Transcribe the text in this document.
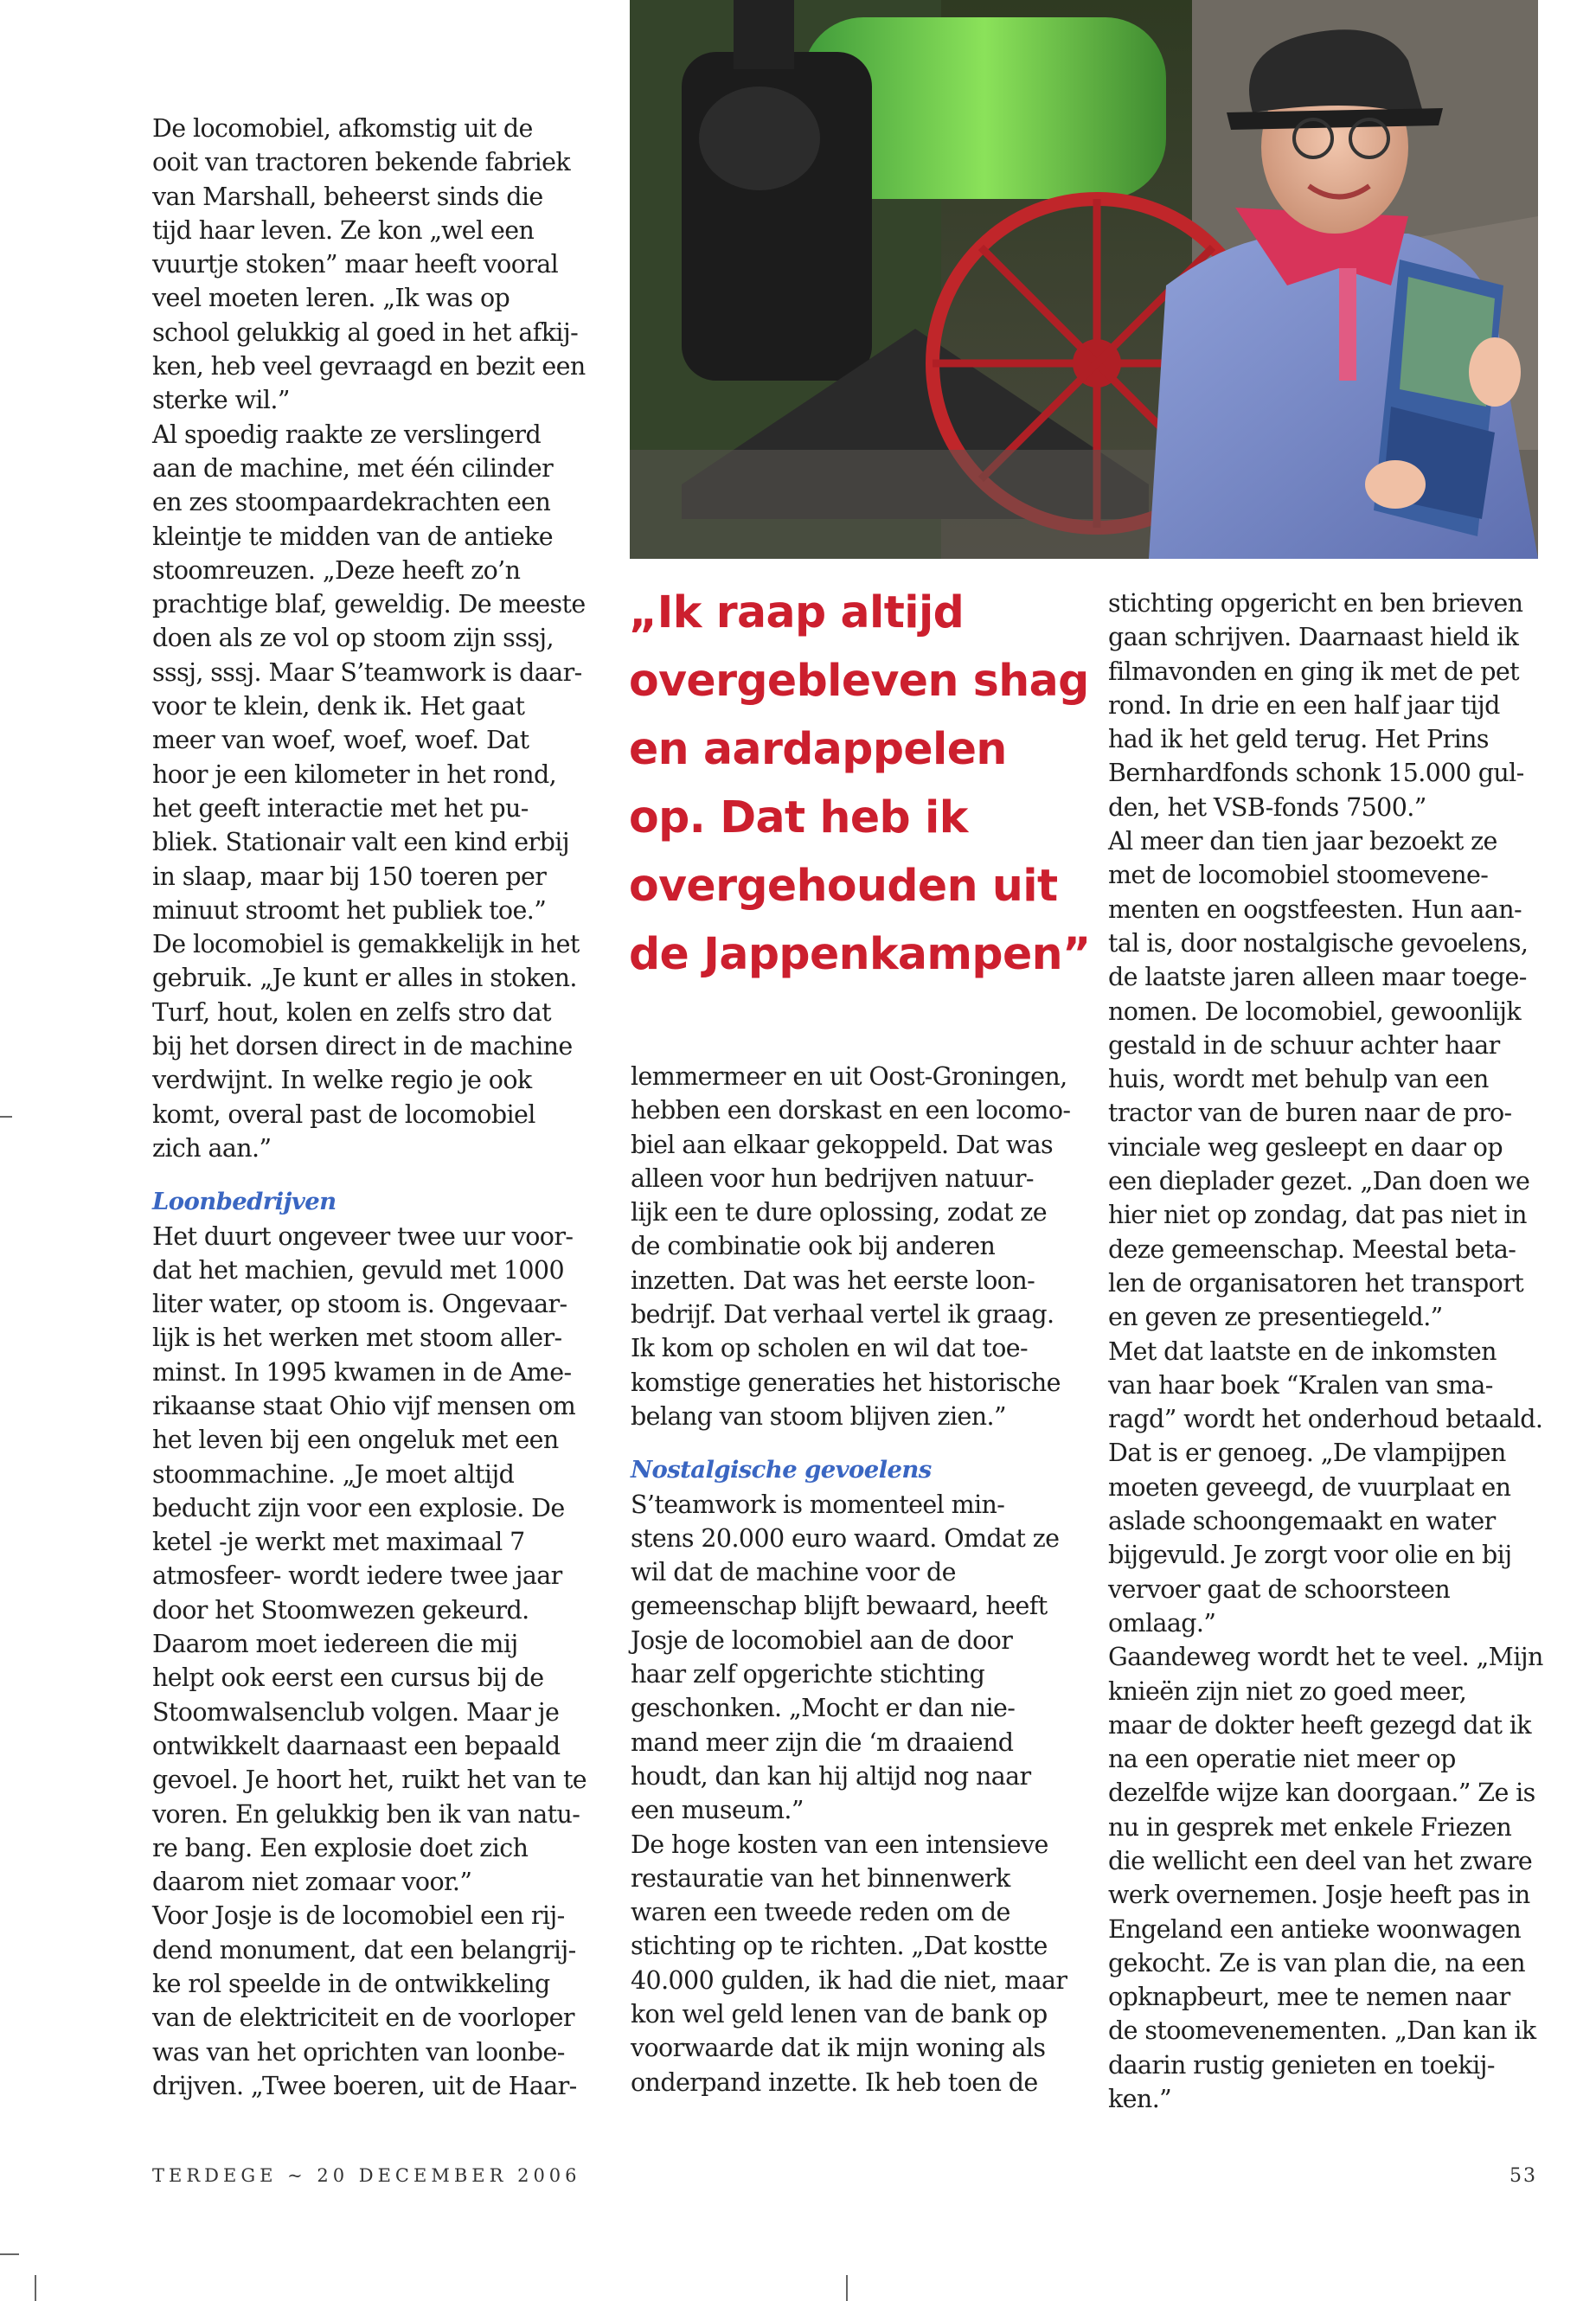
De locomobiel, afkomstig uit de
ooit van tractoren bekende fabriek
van Marshall, beheerst sinds die
tijd haar leven. Ze kon „wel een
vuurtje stoken” maar heeft vooral
veel moeten leren. „Ik was op
school gelukkig al goed in het afkij-
ken, heb veel gevraagd en bezit een
sterke wil.”
Al spoedig raakte ze verslingerd
aan de machine, met één cilinder
en zes stoompaardekrachten een
kleintje te midden van de antieke
stoomreuzen. „Deze heeft zo’n
prachtige blaf, geweldig. De meeste
doen als ze vol op stoom zijn sssj,
sssj, sssj. Maar S’teamwork is daar-
voor te klein, denk ik. Het gaat
meer van woef, woef, woef. Dat
hoor je een kilometer in het rond,
het geeft interactie met het pu-
bliek. Stationair valt een kind erbij
in slaap, maar bij 150 toeren per
minuut stroomt het publiek toe.”
De locomobiel is gemakkelijk in het
gebruik. „Je kunt er alles in stoken.
Turf, hout, kolen en zelfs stro dat
bij het dorsen direct in de machine
verdwijnt. In welke regio je ook
komt, overal past de locomobiel
zich aan.”

Loonbedrijven
Het duurt ongeveer twee uur voor-
dat het machien, gevuld met 1000
liter water, op stoom is. Ongevaar-
lijk is het werken met stoom aller-
minst. In 1995 kwamen in de Ame-
rikaanse staat Ohio vijf mensen om
het leven bij een ongeluk met een
stoommachine. „Je moet altijd
beducht zijn voor een explosie. De
ketel -je werkt met maximaal 7
atmosfeer- wordt iedere twee jaar
door het Stoomwezen gekeurd.
Daarom moet iedereen die mij
helpt ook eerst een cursus bij de
Stoomwalsenclub volgen. Maar je
ontwikkelt daarnaast een bepaald
gevoel. Je hoort het, ruikt het van te
voren. En gelukkig ben ik van natu-
re bang. Een explosie doet zich
daarom niet zomaar voor.”
Voor Josje is de locomobiel een rij-
dend monument, dat een belangrij-
ke rol speelde in de ontwikkeling
van de elektriciteit en de voorloper
was van het oprichten van loonbe-
drijven. „Twee boeren, uit de Haar-
„Ik raap altijd
overgebleven shag
en aardappelen
op. Dat heb ik
overgehouden uit
de Jappenkampen”
lemmermeer en uit Oost-Groningen,
hebben een dorskast en een locomo-
biel aan elkaar gekoppeld. Dat was
alleen voor hun bedrijven natuur-
lijk een te dure oplossing, zodat ze
de combinatie ook bij anderen
inzetten. Dat was het eerste loon-
bedrijf. Dat verhaal vertel ik graag.
Ik kom op scholen en wil dat toe-
komstige generaties het historische
belang van stoom blijven zien.”

Nostalgische gevoelens
S’teamwork is momenteel min-
stens 20.000 euro waard. Omdat ze
wil dat de machine voor de
gemeenschap blijft bewaard, heeft
Josje de locomobiel aan de door
haar zelf opgerichte stichting
geschonken. „Mocht er dan nie-
mand meer zijn die ‘m draaiend
houdt, dan kan hij altijd nog naar
een museum.”
De hoge kosten van een intensieve
restauratie van het binnenwerk
waren een tweede reden om de
stichting op te richten. „Dat kostte
40.000 gulden, ik had die niet, maar
kon wel geld lenen van de bank op
voorwaarde dat ik mijn woning als
onderpand inzette. Ik heb toen de
stichting opgericht en ben brieven
gaan schrijven. Daarnaast hield ik
filmavonden en ging ik met de pet
rond. In drie en een half jaar tijd
had ik het geld terug. Het Prins
Bernhardfonds schonk 15.000 gul-
den, het VSB-fonds 7500.”
Al meer dan tien jaar bezoekt ze
met de locomobiel stoomevene-
menten en oogstfeesten. Hun aan-
tal is, door nostalgische gevoelens,
de laatste jaren alleen maar toege-
nomen. De locomobiel, gewoonlijk
gestald in de schuur achter haar
huis, wordt met behulp van een
tractor van de buren naar de pro-
vinciale weg gesleept en daar op
een dieplader gezet. „Dan doen we
hier niet op zondag, dat pas niet in
deze gemeenschap. Meestal beta-
len de organisatoren het transport
en geven ze presentiegeld.”
Met dat laatste en de inkomsten
van haar boek “Kralen van sma-
ragd” wordt het onderhoud betaald.
Dat is er genoeg. „De vlampijpen
moeten geveegd, de vuurplaat en
aslade schoongemaakt en water
bijgevuld. Je zorgt voor olie en bij
vervoer gaat de schoorsteen
omlaag.”
Gaandeweg wordt het te veel. „Mijn
knieën zijn niet zo goed meer,
maar de dokter heeft gezegd dat ik
na een operatie niet meer op
dezelfde wijze kan doorgaan.” Ze is
nu in gesprek met enkele Friezen
die wellicht een deel van het zware
werk overnemen. Josje heeft pas in
Engeland een antieke woonwagen
gekocht. Ze is van plan die, na een
opknapbeurt, mee te nemen naar
de stoomevenementen. „Dan kan ik
daarin rustig genieten en toekij-
ken.”
TERDEGE ~ 20 DECEMBER 2006	53
